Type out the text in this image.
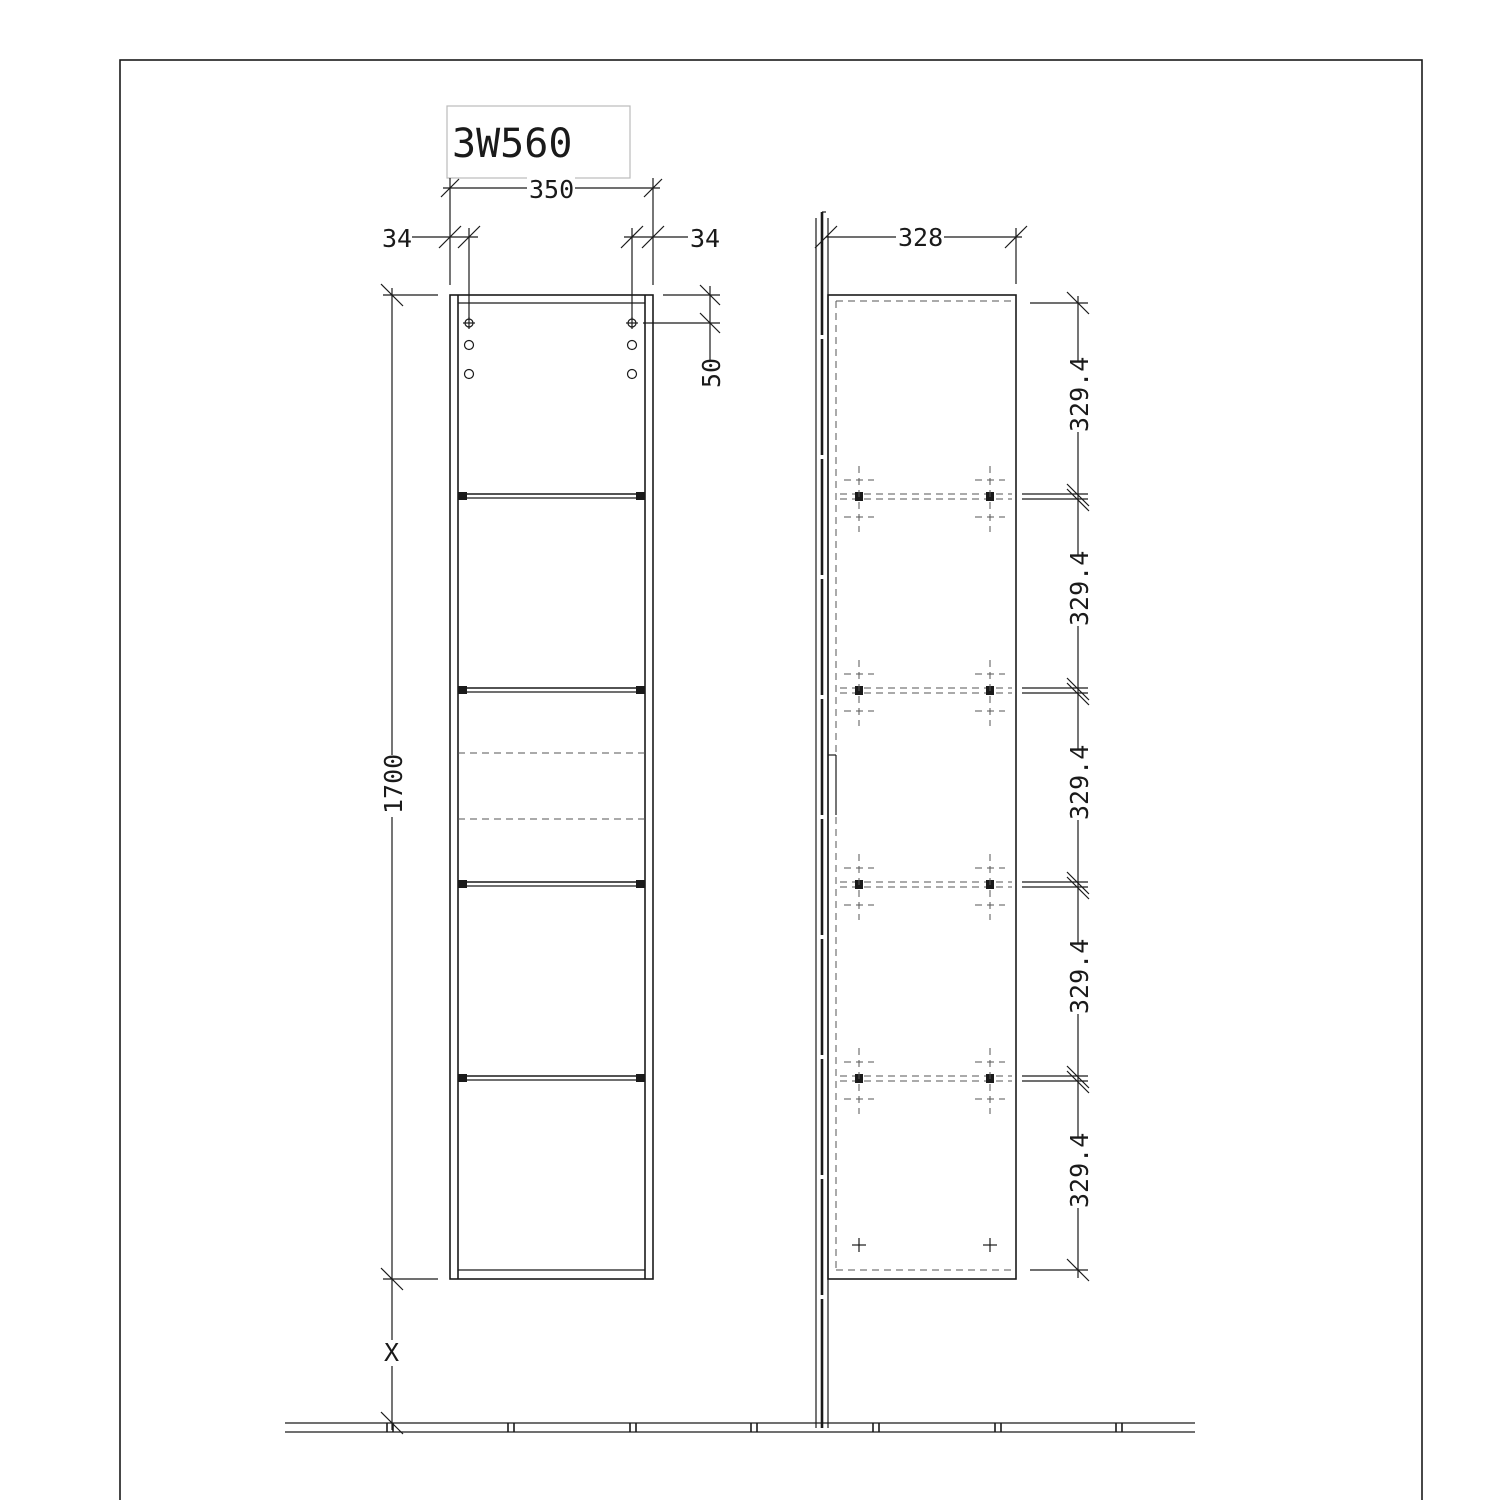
3W560
350
34	34
50
1700
X
328
329.4
329.4
329.4
329.4
329.4
